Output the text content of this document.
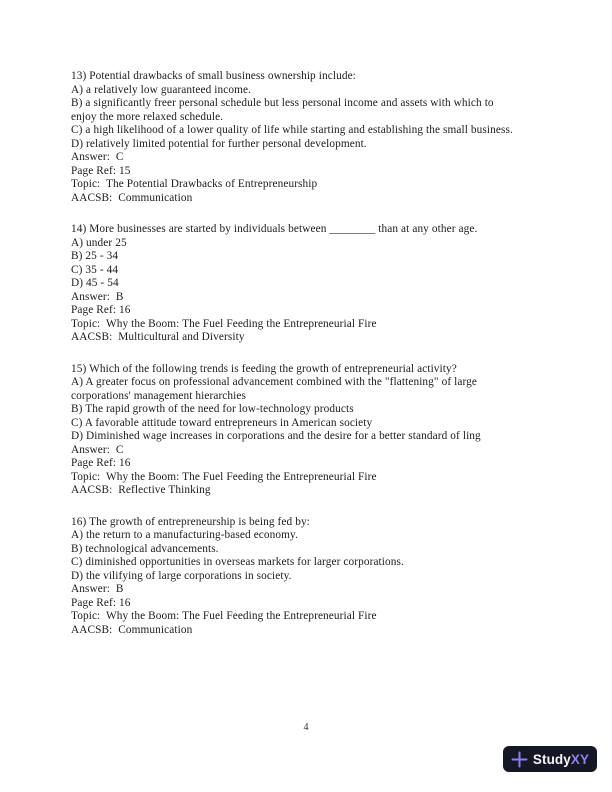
13) Potential drawbacks of small business ownership include:
A) a relatively low guaranteed income.
B) a significantly freer personal schedule but less personal income and assets with which to
enjoy the more relaxed schedule.
C) a high likelihood of a lower quality of life while starting and establishing the small business.
D) relatively limited potential for further personal development.
Answer:  C
Page Ref: 15
Topic:  The Potential Drawbacks of Entrepreneurship
AACSB:  Communication
14) More businesses are started by individuals between ________ than at any other age.
A) under 25
B) 25 - 34
C) 35 - 44
D) 45 - 54
Answer:  B
Page Ref: 16
Topic:  Why the Boom: The Fuel Feeding the Entrepreneurial Fire
AACSB:  Multicultural and Diversity
15) Which of the following trends is feeding the growth of entrepreneurial activity?
A) A greater focus on professional advancement combined with the "flattening" of large
corporations' management hierarchies
B) The rapid growth of the need for low-technology products
C) A favorable attitude toward entrepreneurs in American society
D) Diminished wage increases in corporations and the desire for a better standard of ling
Answer:  C
Page Ref: 16
Topic:  Why the Boom: The Fuel Feeding the Entrepreneurial Fire
AACSB:  Reflective Thinking
16) The growth of entrepreneurship is being fed by:
A) the return to a manufacturing-based economy.
B) technological advancements.
C) diminished opportunities in overseas markets for larger corporations.
D) the vilifying of large corporations in society.
Answer:  B
Page Ref: 16
Topic:  Why the Boom: The Fuel Feeding the Entrepreneurial Fire
AACSB:  Communication
4
StudyXY
